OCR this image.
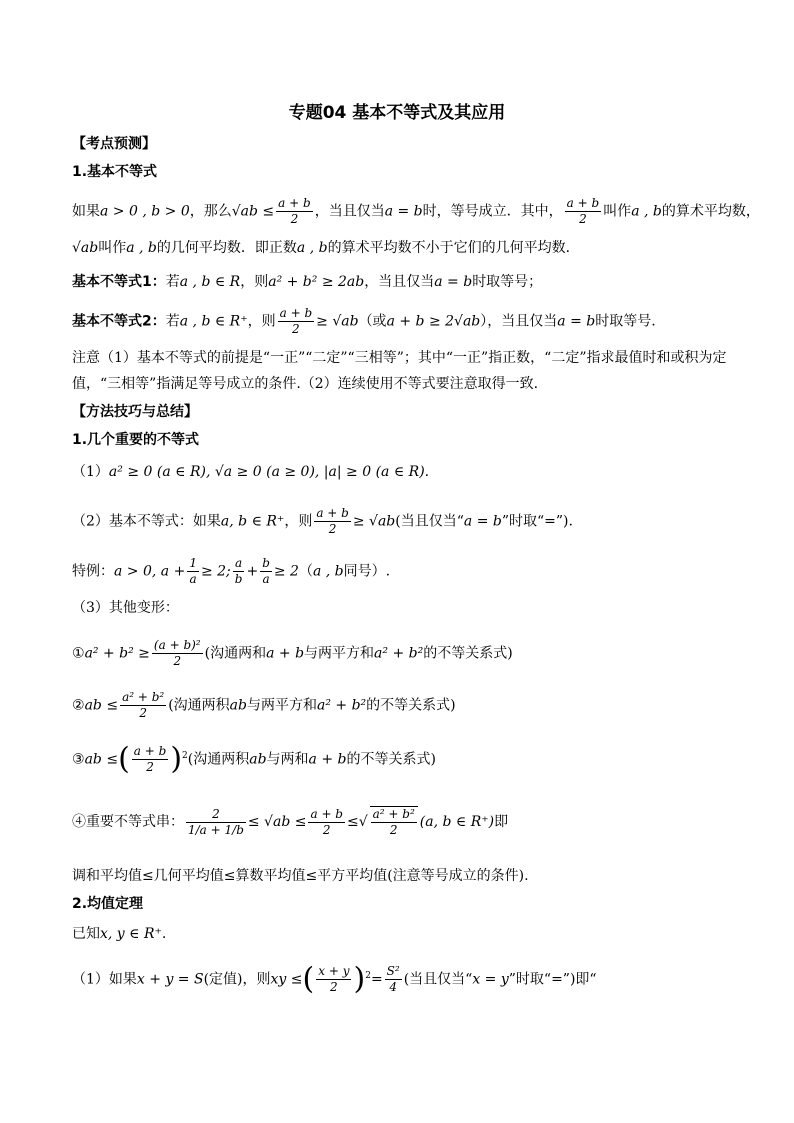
专题04 基本不等式及其应用
【考点预测】
1.基本不等式
如果a > 0 , b > 0，那么$√ab \le \frac{a + b}{2}$ ，当且仅当a = b时，等号成立．其中， $\frac{a + b}{2}$ 叫作a , b的算术平均数，
√ab叫作a , b的几何平均数．即正数a , b的算术平均数不小于它们的几何平均数．
基本不等式1：若a , b ∈ R，则a² + b² ≥ 2ab，当且仅当a = b时取等号；
基本不等式2：若a , b ∈ R⁺，则 $\frac{a + b}{2} \ge √ab$（或a + b ≥ 2√ab），当且仅当a = b时取等号.
注意（1）基本不等式的前提是“一正”“二定”“三相等”；其中“一正”指正数，“二定”指求最值时和或积为定
值，“三相等”指满足等号成立的条件.（2）连续使用不等式要注意取得一致.
【方法技巧与总结】
1.几个重要的不等式
（1）a² ≥ 0 (a ∈ R), √a ≥ 0 (a ≥ 0), |a| ≥ 0 (a ∈ R).
（2）基本不等式：如果a, b ∈ R⁺，则 $\frac{a + b}{2} \ge √ab$(当且仅当“a = b”时取“=”).
特例：a > 0, $a + \frac{1}{a} \ge 2$; $\frac{a}{b} + \frac{b}{a} \ge 2(a$ , b同号）.
（3）其他变形：
①a² + $b^2 \ge \frac{\text{(a + b)²}}{2}$ (沟通两和a + b与两平方和a² + b²的不等关系式)
②ab ≤ $\frac{\text{a² + b²}}{2}$ (沟通两积ab与两平方和a² + b²的不等关系式)
③ab ≤( $\frac{a + b}{2} )^2$(沟通两积ab与两和a + b的不等关系式)
④重要不等式串： $\frac{2}{1/a + 1/b} \le √ab \le \frac{a + b}{2}$ ≤√ $\frac{\text{a² + b²}}{2} (a$, b ∈ R⁺)即
调和平均值≤几何平均值≤算数平均值≤平方平均值(注意等号成立的条件).
2.均值定理
已知x, y ∈ R⁺.
（1）如果x + y = S(定值)，则xy ≤( $\frac{x + y}{2} )^2= \frac{\text{S²}}{4}$ (当且仅当“x = y”时取“=”)即“
